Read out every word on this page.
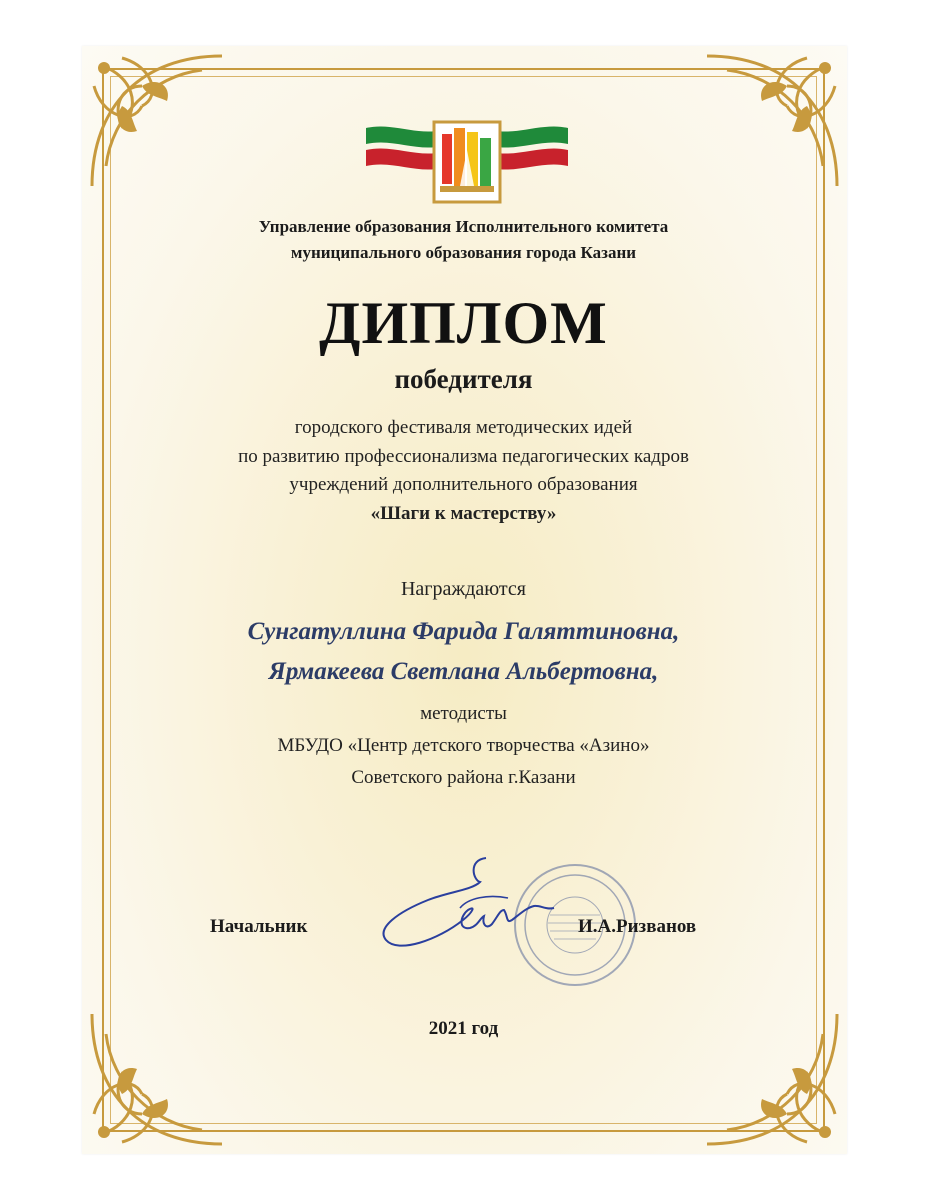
Управление образования Исполнительного комитета
муниципального образования города Казани
ДИПЛОМ
победителя
городского фестиваля методических идей
по развитию профессионализма педагогических кадров
учреждений дополнительного образования
«Шаги к мастерству»
Награждаются
Сунгатуллина Фарида Галяттиновна,
Ярмакеева Светлана Альбертовна,
методисты
МБУДО «Центр детского творчества «Азино»
Советского района г.Казани
Начальник	И.А.Ризванов
2021 год
